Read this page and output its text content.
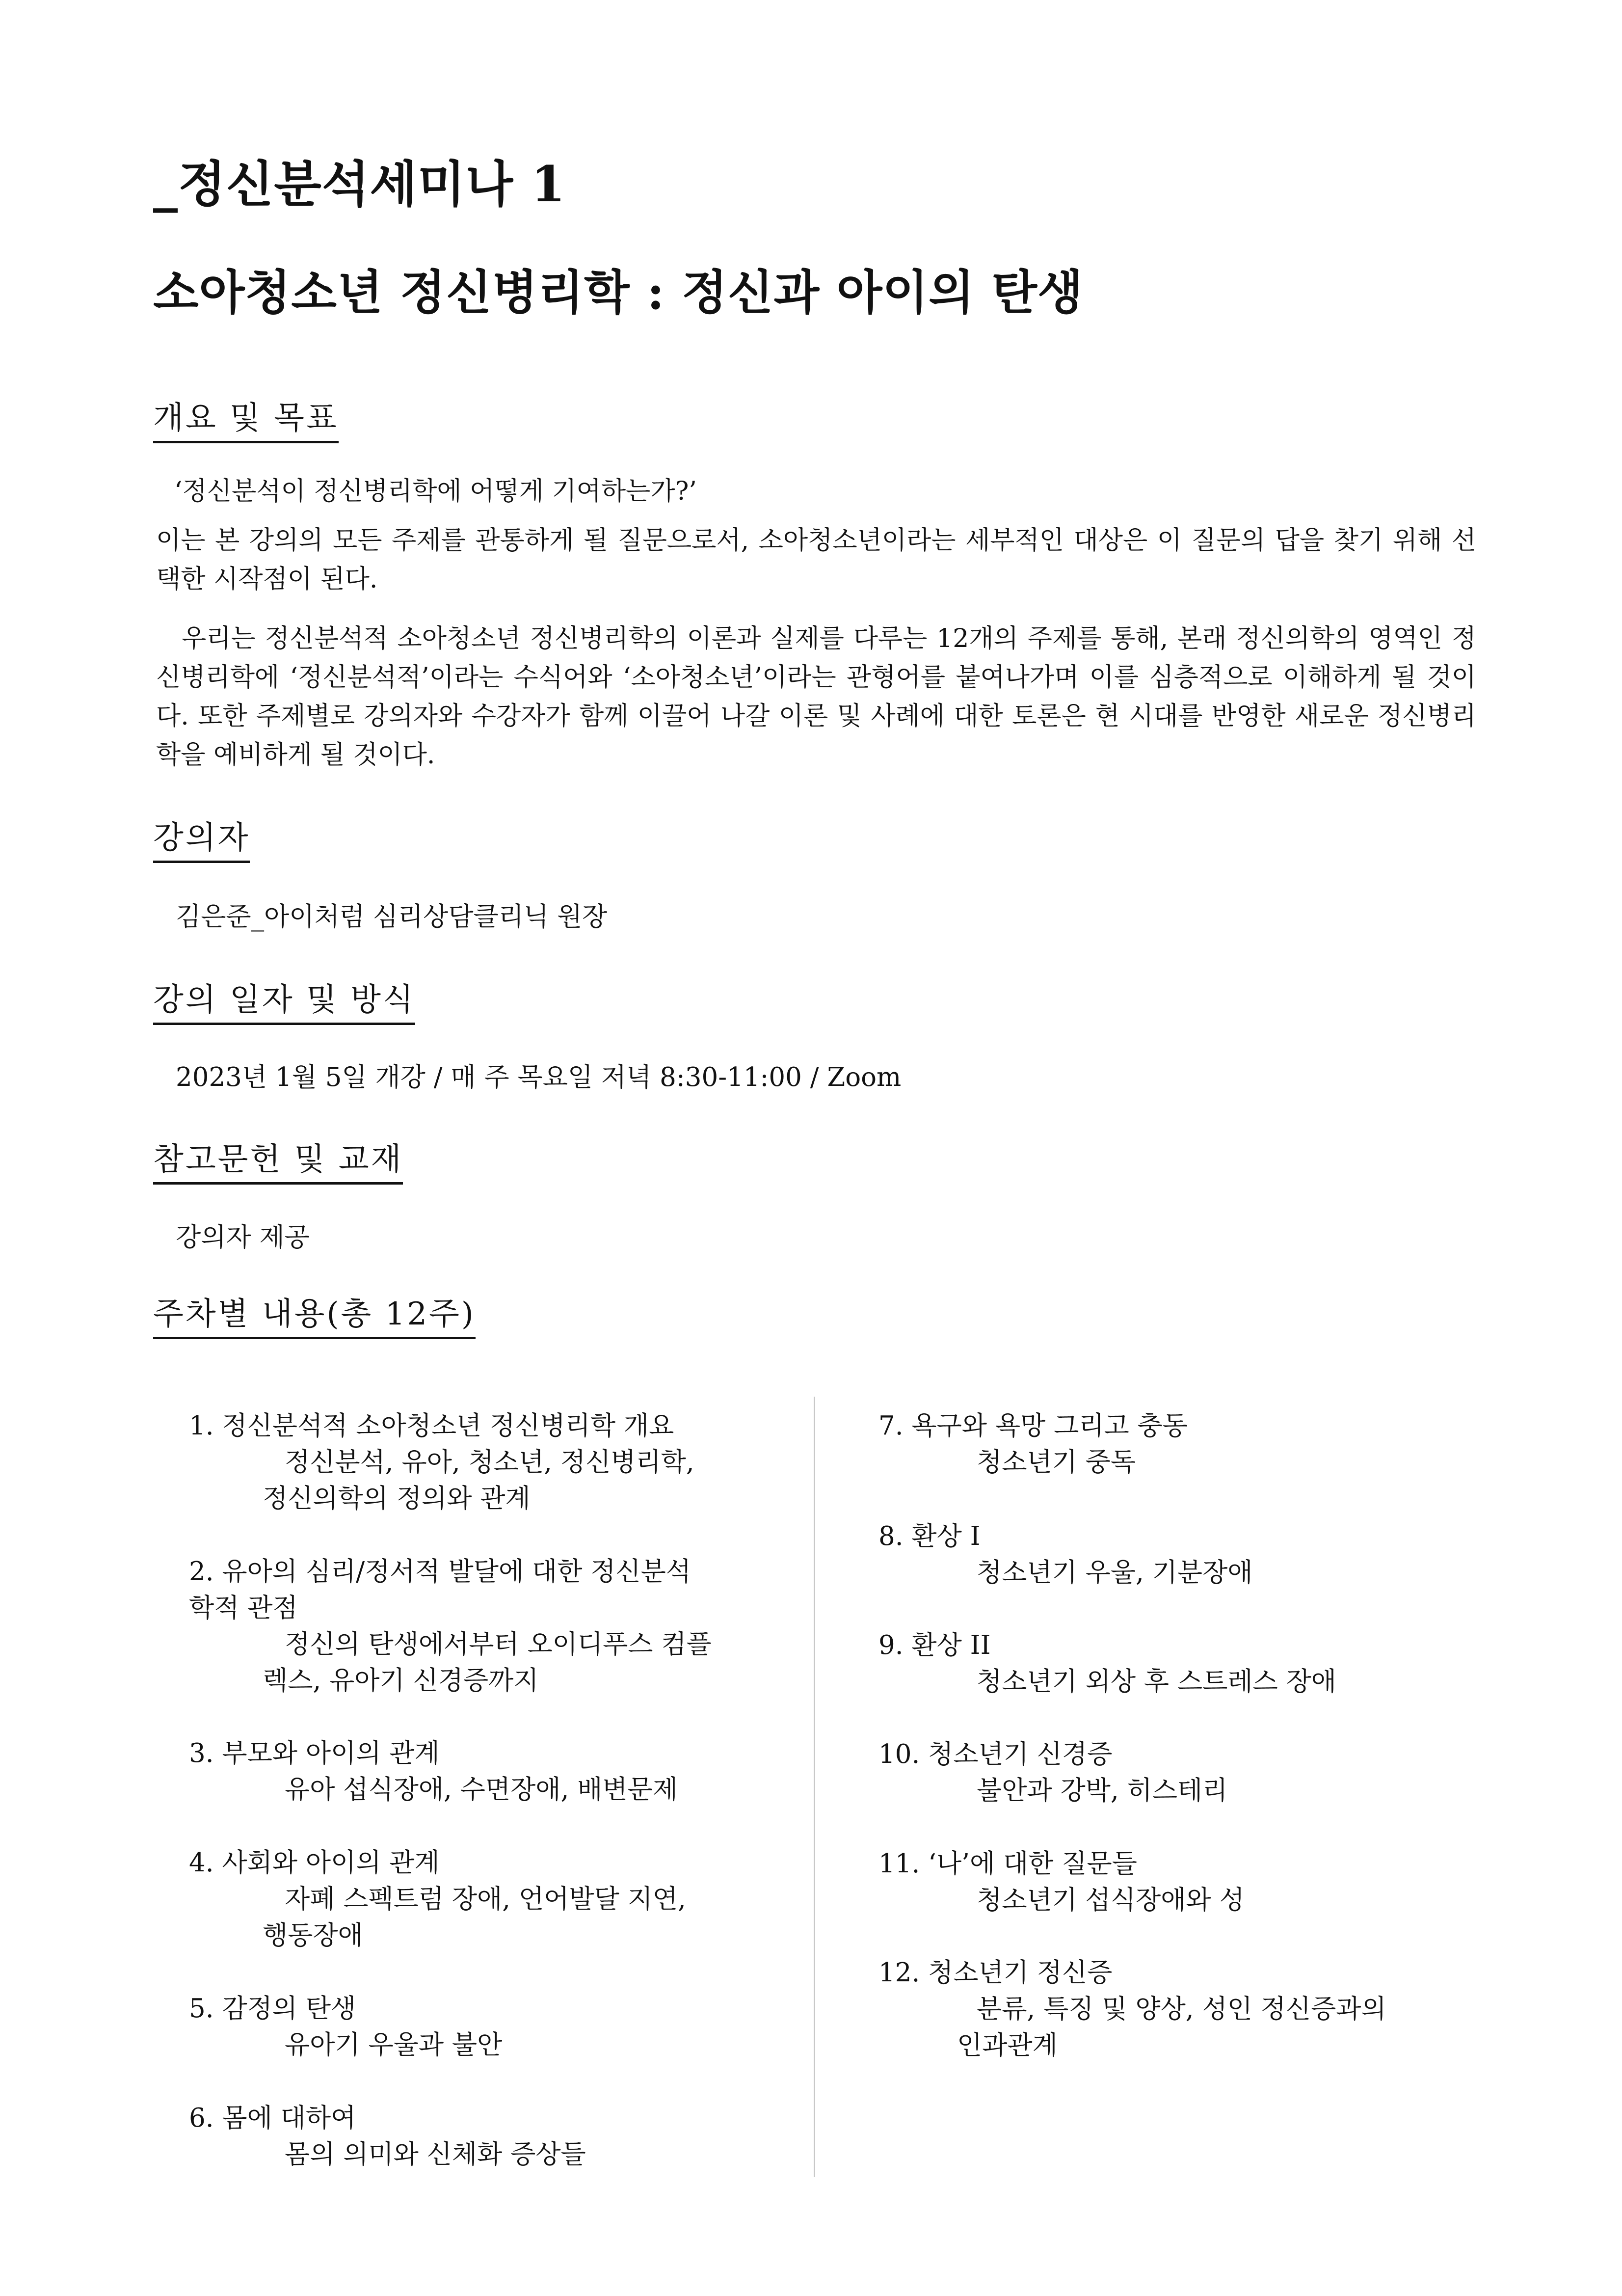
_정신분석세미나 1
소아청소년 정신병리학 : 정신과 아이의 탄생
개요 및 목표
‘정신분석이 정신병리학에 어떻게 기여하는가?’
이는 본 강의의 모든 주제를 관통하게 될 질문으로서, 소아청소년이라는 세부적인 대상은 이 질문의 답을 찾기 위해 선택한 시작점이 된다.
우리는 정신분석적 소아청소년 정신병리학의 이론과 실제를 다루는 12개의 주제를 통해, 본래 정신의학의 영역인 정신병리학에 ‘정신분석적’이라는 수식어와 ‘소아청소년’이라는 관형어를 붙여나가며 이를 심층적으로 이해하게 될 것이다. 또한 주제별로 강의자와 수강자가 함께 이끌어 나갈 이론 및 사례에 대한 토론은 현 시대를 반영한 새로운 정신병리학을 예비하게 될 것이다.
강의자
김은준_아이처럼 심리상담클리닉 원장
강의 일자 및 방식
2023년 1월 5일 개강 / 매 주 목요일 저녁 8:30-11:00 / Zoom
참고문헌 및 교재
강의자 제공
주차별 내용(총 12주)
1. 정신분석적 소아청소년 정신병리학 개요
정신분석, 유아, 청소년, 정신병리학,
정신의학의 정의와 관계
2. 유아의 심리/정서적 발달에 대한 정신분석
학적 관점
정신의 탄생에서부터 오이디푸스 컴플
렉스, 유아기 신경증까지
3. 부모와 아이의 관계
유아 섭식장애, 수면장애, 배변문제
4. 사회와 아이의 관계
자폐 스펙트럼 장애, 언어발달 지연,
행동장애
5. 감정의 탄생
유아기 우울과 불안
6. 몸에 대하여
몸의 의미와 신체화 증상들
7. 욕구와 욕망 그리고 충동
청소년기 중독
8. 환상 I
청소년기 우울, 기분장애
9. 환상 II
청소년기 외상 후 스트레스 장애
10. 청소년기 신경증
불안과 강박, 히스테리
11. ‘나’에 대한 질문들
청소년기 섭식장애와 성
12. 청소년기 정신증
분류, 특징 및 양상, 성인 정신증과의
인과관계
